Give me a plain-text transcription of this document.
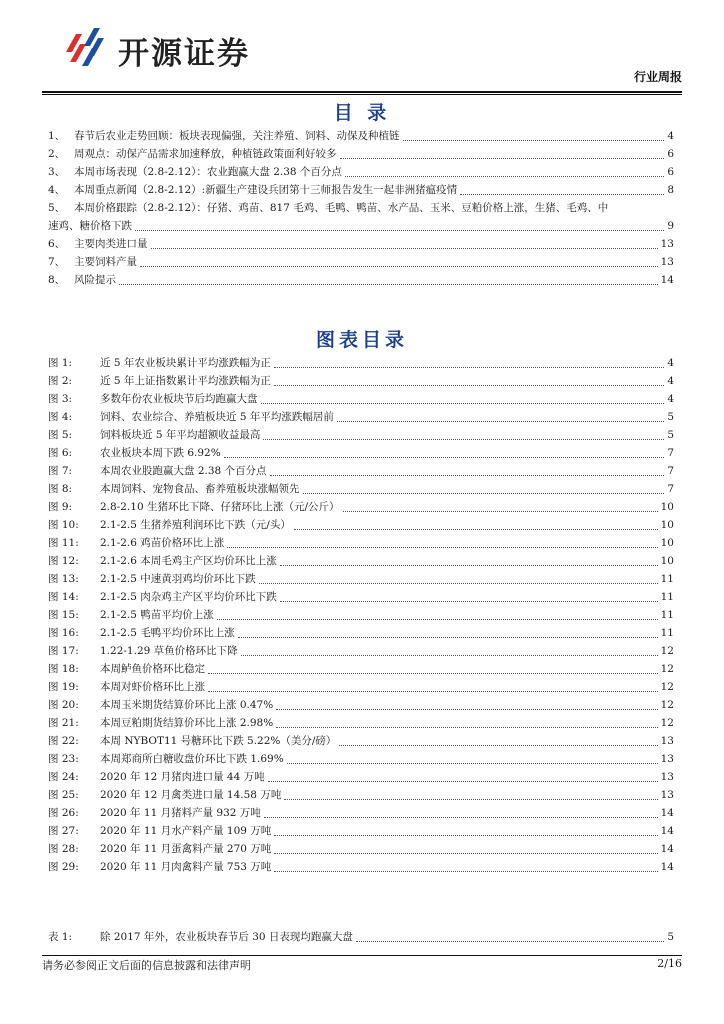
开源证券
行业周报
目 录
1、 春节后农业走势回顾：板块表现偏强，关注养殖、饲料、动保及种植链	4
2、 周观点：动保产品需求加速释放，种植链政策面利好较多	6
3、 本周市场表现（2.8-2.12）：农业跑赢大盘 2.38 个百分点	6
4、 本周重点新闻（2.8-2.12）:新疆生产建设兵团第十三师报告发生一起非洲猪瘟疫情	8
5、 本周价格跟踪（2.8-2.12）：仔猪、鸡苗、817 毛鸡、毛鸭、鸭苗、水产品、玉米、豆粕价格上涨，生猪、毛鸡、中
速鸡、糖价格下跌	9
6、 主要肉类进口量	13
7、 主要饲料产量	13
8、 风险提示	14
图表目录
图 1:	近 5 年农业板块累计平均涨跌幅为正	4
图 2:	近 5 年上证指数累计平均涨跌幅为正	4
图 3:	多数年份农业板块节后均跑赢大盘	4
图 4:	饲料、农业综合、养殖板块近 5 年平均涨跌幅居前	5
图 5:	饲料板块近 5 年平均超额收益最高	5
图 6:	农业板块本周下跌 6.92%	7
图 7:	本周农业股跑赢大盘 2.38 个百分点	7
图 8:	本周饲料、宠物食品、畜养殖板块涨幅领先	7
图 9:	2.8-2.10 生猪环比下降、仔猪环比上涨（元/公斤）	10
图 10:	2.1-2.5 生猪养殖利润环比下跌（元/头）	10
图 11:	2.1-2.6 鸡苗价格环比上涨	10
图 12:	2.1-2.6 本周毛鸡主产区均价环比上涨	10
图 13:	2.1-2.5 中速黄羽鸡均价环比下跌	11
图 14:	2.1-2.5 肉杂鸡主产区平均价环比下跌	11
图 15:	2.1-2.5 鸭苗平均价上涨	11
图 16:	2.1-2.5 毛鸭平均价环比上涨	11
图 17:	1.22-1.29 草鱼价格环比下降	12
图 18:	本周鲈鱼价格环比稳定	12
图 19:	本周对虾价格环比上涨	12
图 20:	本周玉米期货结算价环比上涨 0.47%	12
图 21:	本周豆粕期货结算价环比上涨 2.98%	12
图 22:	本周 NYBOT11 号糖环比下跌 5.22%（美分/磅）	13
图 23:	本周郑商所白糖收盘价环比下跌 1.69%	13
图 24:	2020 年 12 月猪肉进口量 44 万吨	13
图 25:	2020 年 12 月禽类进口量 14.58 万吨	13
图 26:	2020 年 11 月猪料产量 932 万吨	14
图 27:	2020 年 11 月水产料产量 109 万吨	14
图 28:	2020 年 11 月蛋禽料产量 270 万吨	14
图 29:	2020 年 11 月肉禽料产量 753 万吨	14
表 1:	除 2017 年外，农业板块春节后 30 日表现均跑赢大盘	5
请务必参阅正文后面的信息披露和法律声明	2/16
